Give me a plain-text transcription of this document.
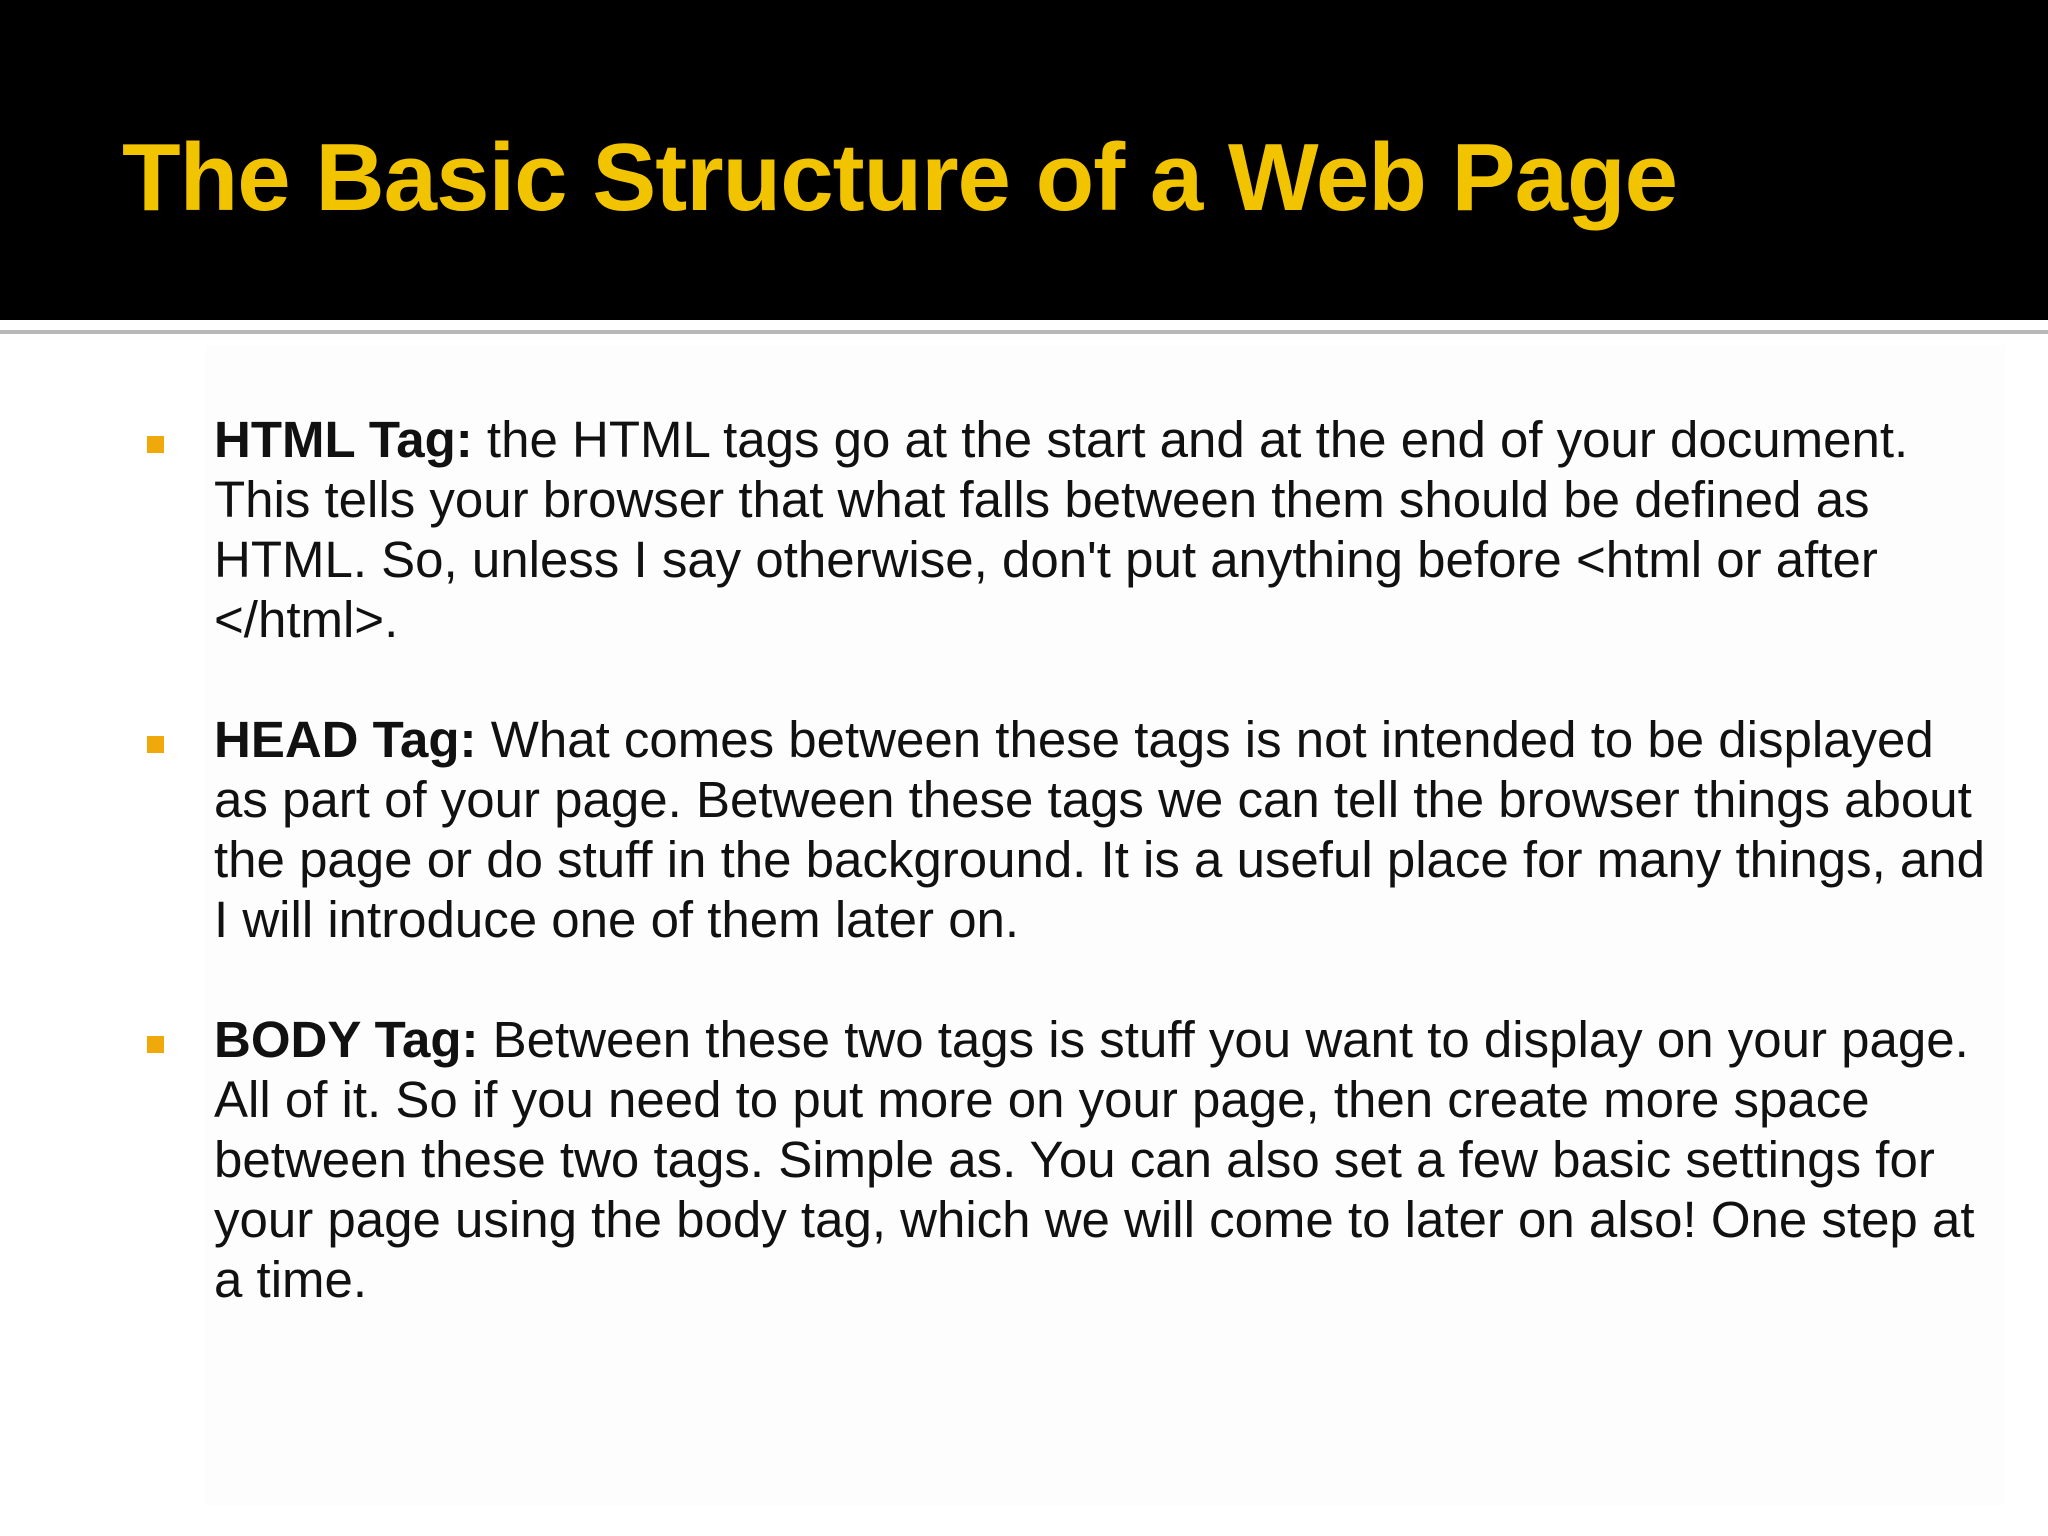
The Basic Structure of a Web Page
HTML Tag: the HTML tags go at the start and at the end of your document. This tells your browser that what falls between them should be defined as HTML. So, unless I say otherwise, don't put anything before <html or after </html>.
HEAD Tag: What comes between these tags is not intended to be displayed as part of your page. Between these tags we can tell the browser things about the page or do stuff in the background. It is a useful place for many things, and I will introduce one of them later on.
BODY Tag: Between these two tags is stuff you want to display on your page. All of it. So if you need to put more on your page, then create more space between these two tags. Simple as. You can also set a few basic settings for your page using the body tag, which we will come to later on also! One step at a time.
